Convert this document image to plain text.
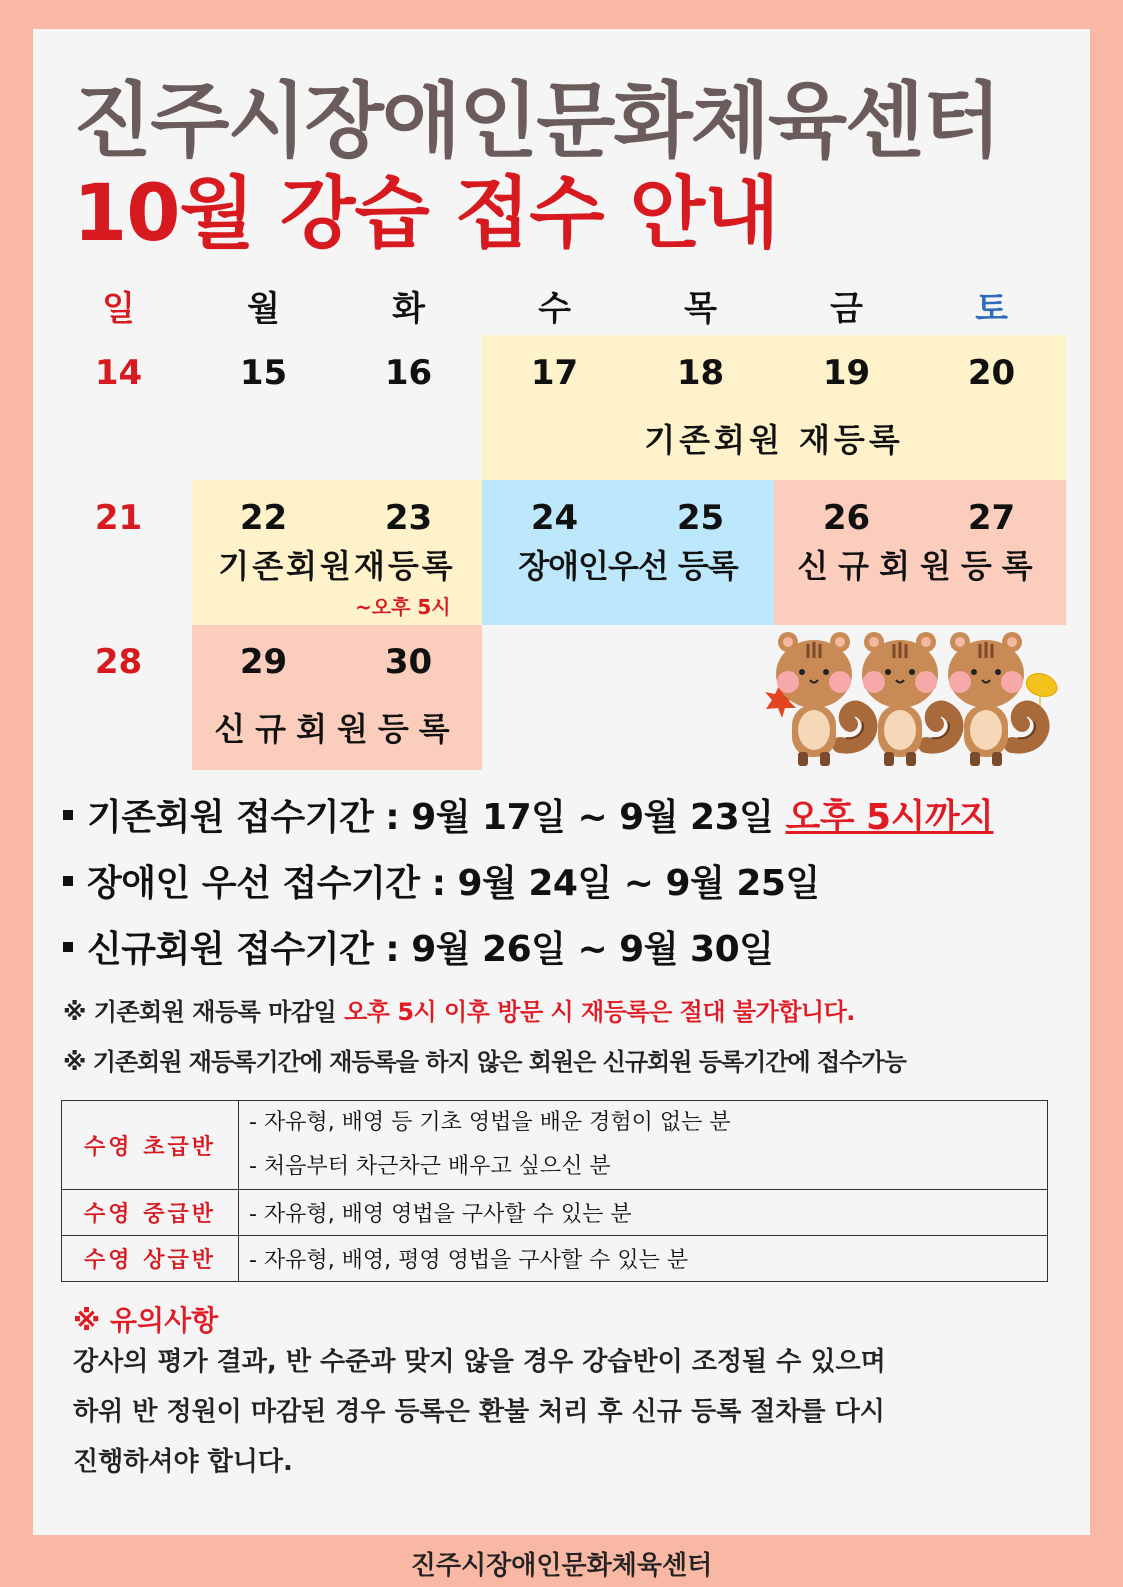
진주시장애인문화체육센터
10월 강습 접수 안내
일	월	화	수	목	금	토
14	15	16	17	18	19	20
기존회원 재등록
21	22	23	24	25	26	27
기존회원재등록
~오후 5시
장애인우선 등록	신규회원등록
28	29	30
신규회원등록
기존회원 접수기간 : 9월 17일 ~ 9월 23일 오후 5시까지
장애인 우선 접수기간 : 9월 24일 ~ 9월 25일
신규회원 접수기간 : 9월 26일 ~ 9월 30일
※ 기존회원 재등록 마감일 오후 5시 이후 방문 시 재등록은 절대 불가합니다.
※ 기존회원 재등록기간에 재등록을 하지 않은 회원은 신규회원 등록기간에 접수가능
수영 초급반	- 자유형, 배영 등 기초 영법을 배운 경험이 없는 분
- 처음부터 차근차근 배우고 싶으신 분

수영 중급반	- 자유형, 배영 영법을 구사할 수 있는 분
수영 상급반	- 자유형, 배영, 평영 영법을 구사할 수 있는 분
※ 유의사항
강사의 평가 결과, 반 수준과 맞지 않을 경우 강습반이 조정될 수 있으며
하위 반 정원이 마감된 경우 등록은 환불 처리 후 신규 등록 절차를 다시
진행하셔야 합니다.
진주시장애인문화체육센터
